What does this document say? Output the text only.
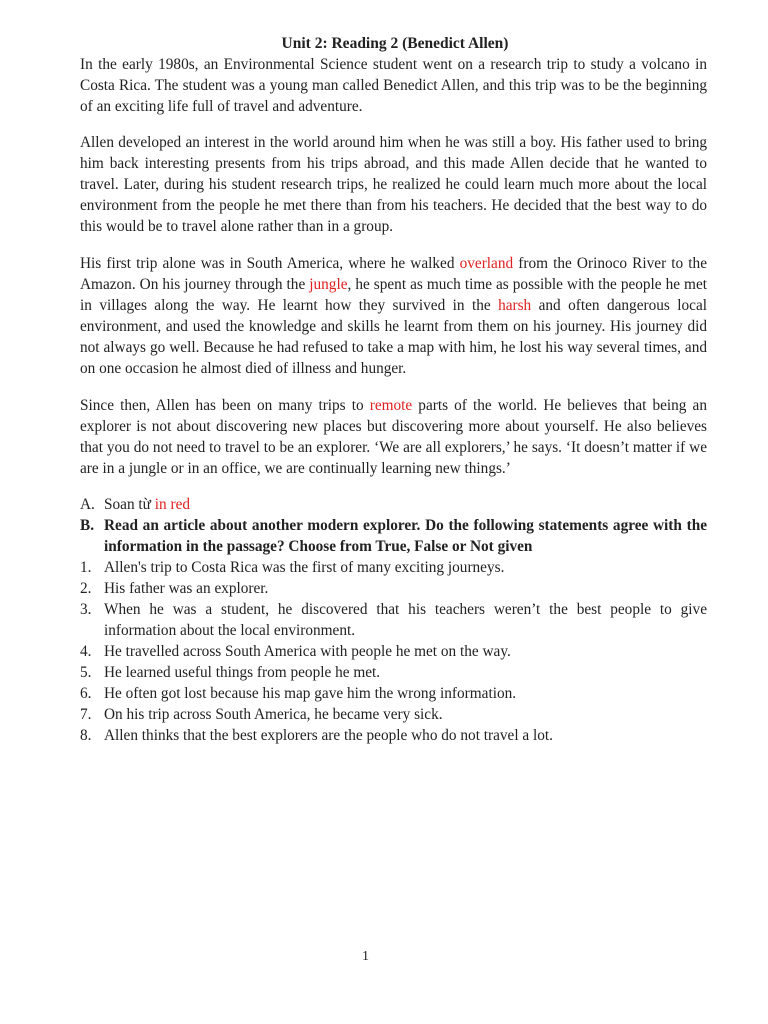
Unit 2: Reading 2 (Benedict Allen)

In the early 1980s, an Environmental Science student went on a research trip to study a volcano in Costa Rica. The student was a young man called Benedict Allen, and this trip was to be the beginning of an exciting life full of travel and adventure.

Allen developed an interest in the world around him when he was still a boy. His father used to bring him back interesting presents from his trips abroad, and this made Allen decide that he wanted to travel. Later, during his student research trips, he realized he could learn much more about the local environment from the people he met there than from his teachers. He decided that the best way to do this would be to travel alone rather than in a group.

His first trip alone was in South America, where he walked overland from the Orinoco River to the Amazon. On his journey through the jungle, he spent as much time as possible with the people he met in villages along the way. He learnt how they survived in the harsh and often dangerous local environment, and used the knowledge and skills he learnt from them on his journey. His journey did not always go well. Because he had refused to take a map with him, he lost his way several times, and on one occasion he almost died of illness and hunger.

Since then, Allen has been on many trips to remote parts of the world. He believes that being an explorer is not about discovering new places but discovering more about yourself. He also believes that you do not need to travel to be an explorer. ‘We are all explorers,’ he says. ‘It doesn’t matter if we are in a jungle or in an office, we are continually learning new things.’

A. Soan từ in red
B. Read an article about another modern explorer. Do the following statements agree with the information in the passage? Choose from True, False or Not given
1. Allen's trip to Costa Rica was the first of many exciting journeys.
2. His father was an explorer.
3. When he was a student, he discovered that his teachers weren’t the best people to give information about the local environment.
4. He travelled across South America with people he met on the way.
5. He learned useful things from people he met.
6. He often got lost because his map gave him the wrong information.
7. On his trip across South America, he became very sick.
8. Allen thinks that the best explorers are the people who do not travel a lot.
1
